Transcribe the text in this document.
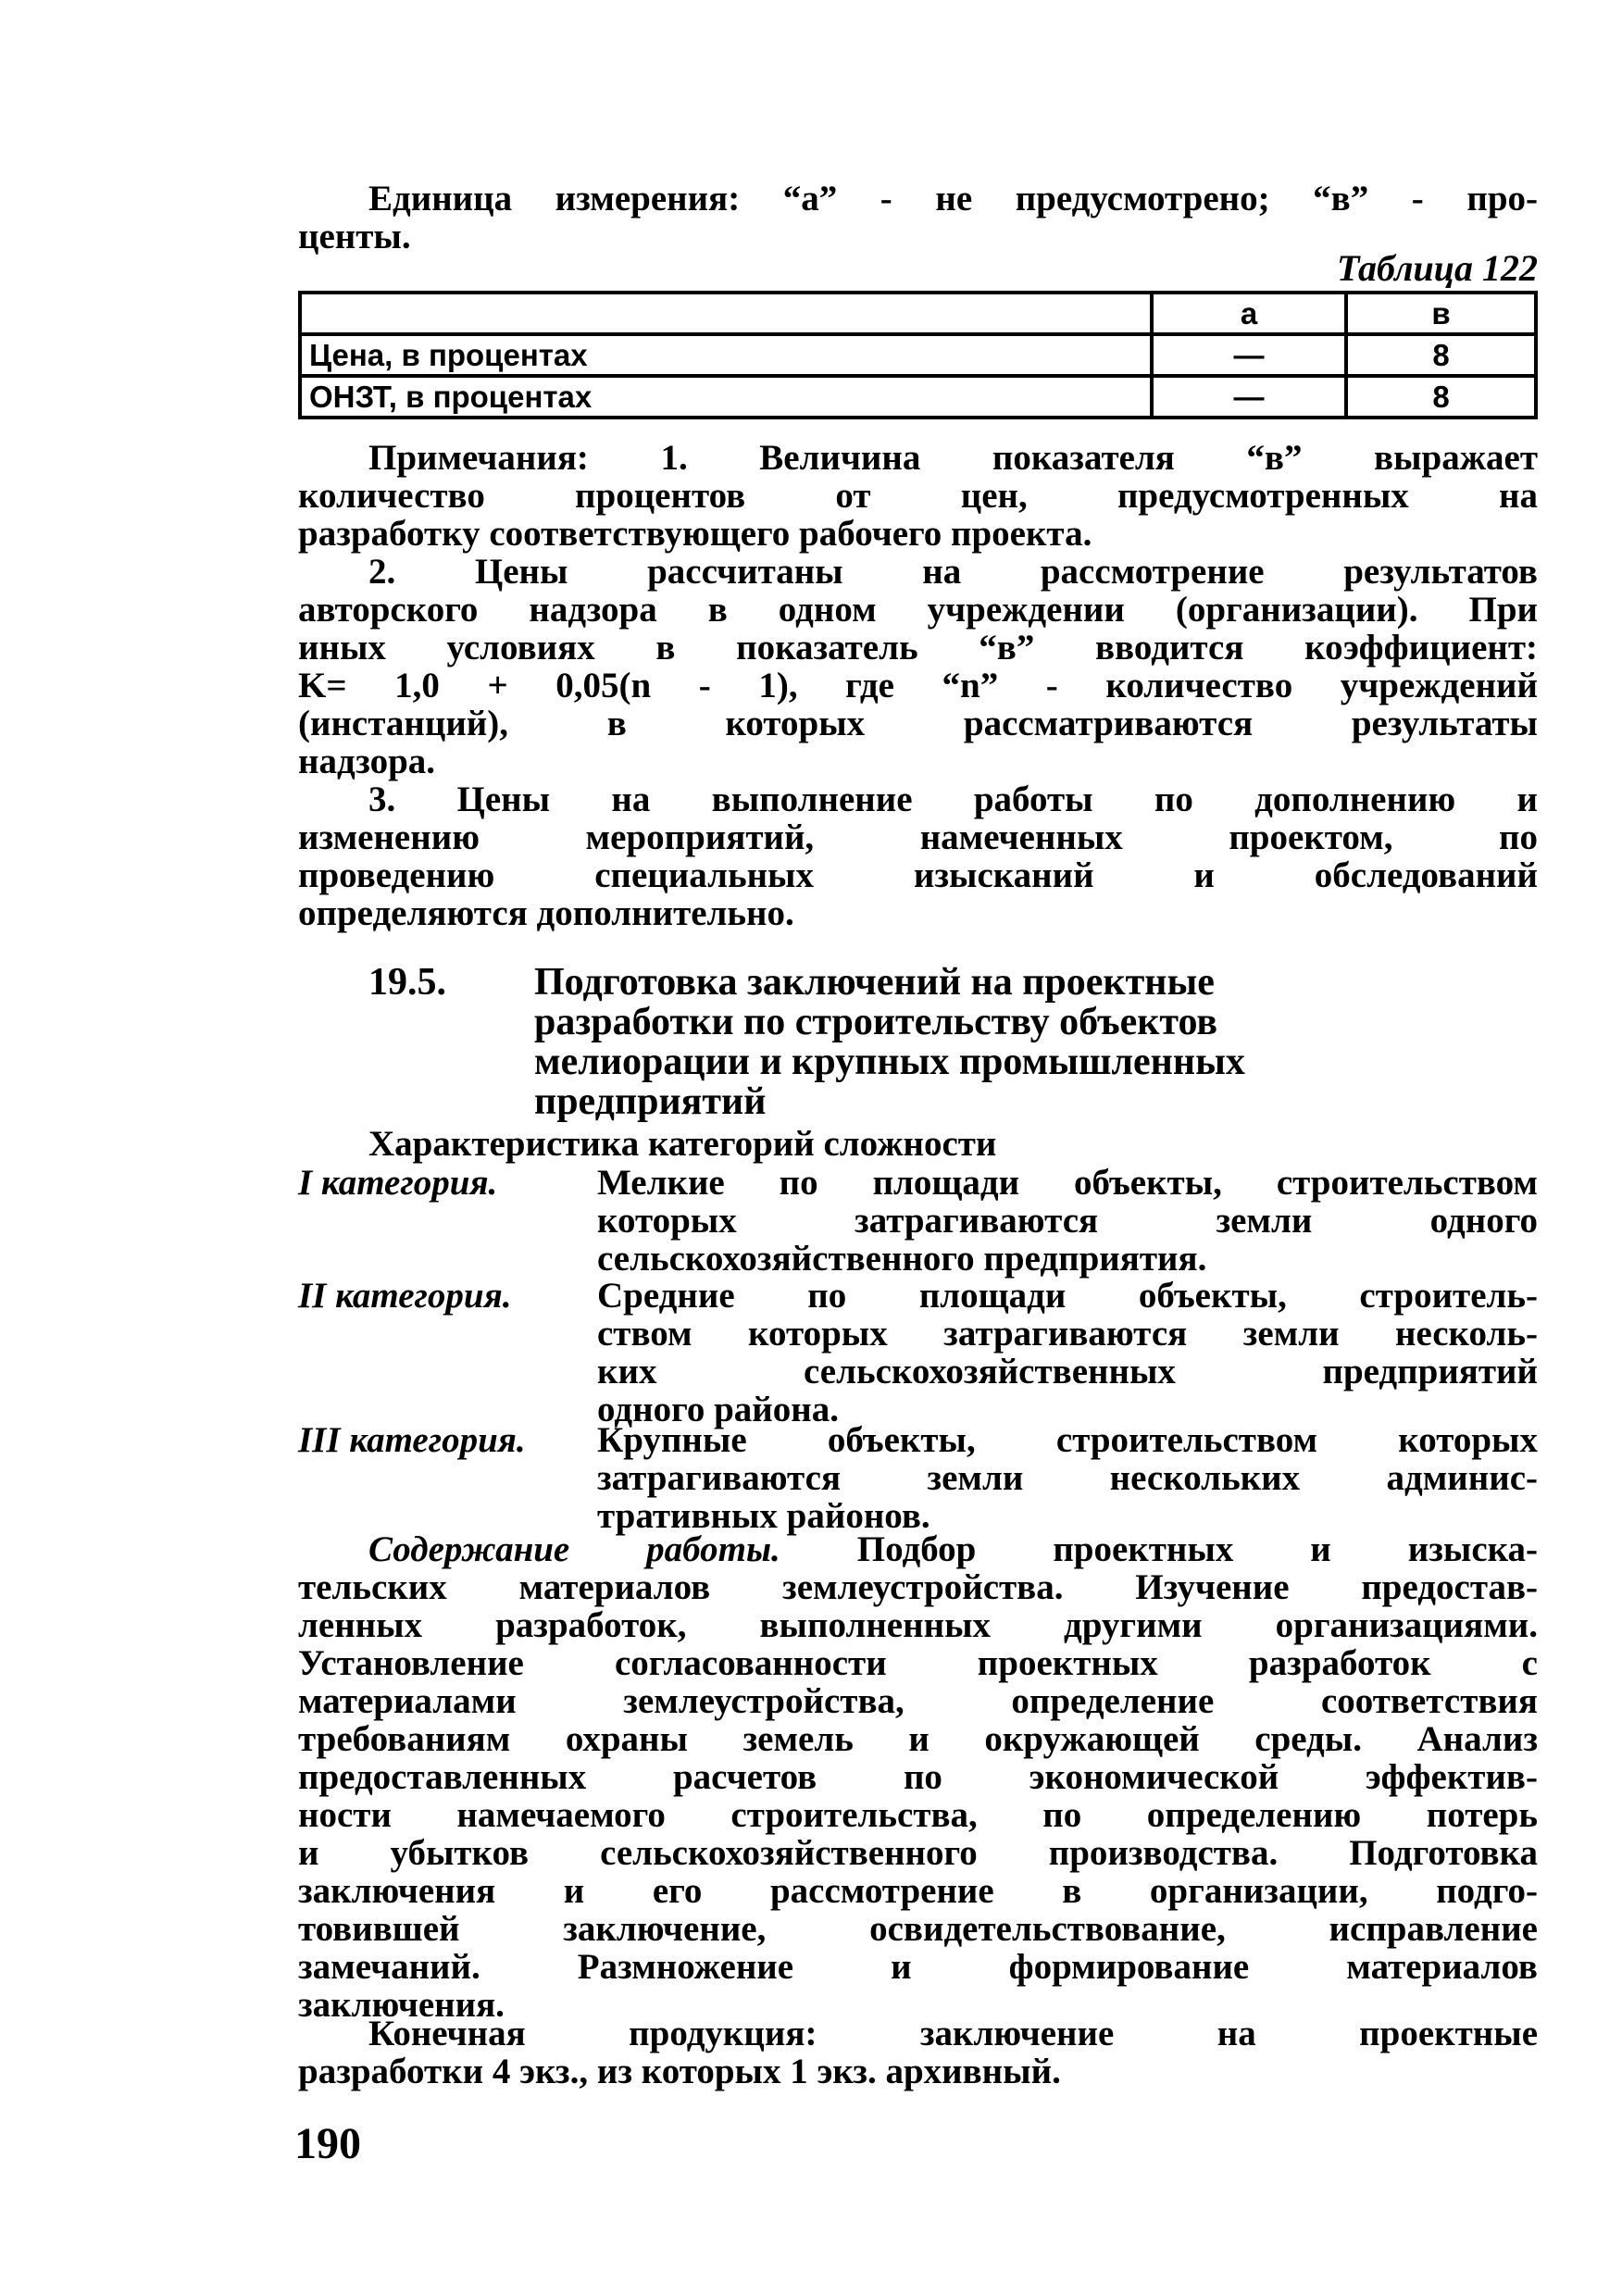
Единица измерения: “а” - не предусмотрено; “в” - про-
центы.
Таблица 122
	а	в
Цена, в процентах	—	8
ОНЗТ, в процентах	—	8
Примечания: 1. Величина показателя “в” выражает
количество процентов от цен, предусмотренных на
разработку соответствующего рабочего проекта.
2. Цены рассчитаны на рассмотрение результатов
авторского надзора в одном учреждении (организации). При
иных условиях в показатель “в” вводится коэффициент:
K= 1,0 + 0,05(n - 1), где “n” - количество учреждений
(инстанций), в которых рассматриваются результаты
надзора.
3. Цены на выполнение работы по дополнению и
изменению мероприятий, намеченных проектом, по
проведению специальных изысканий и обследований
определяются дополнительно.
19.5. Подготовка заключений на проектные
разработки по строительству объектов
мелиорации и крупных промышленных
предприятий
Характеристика категорий сложности
I категория.	Мелкие по площади объекты, строительством
которых затрагиваются земли одного
сельскохозяйственного предприятия.
II категория. Средние по площади объекты, строитель-
ством которых затрагиваются земли несколь-
ких сельскохозяйственных предприятий
одного района.
III категория. Крупные объекты, строительством которых
затрагиваются земли нескольких админис-
тративных районов.
Содержание работы. Подбор проектных и изыска-
тельских материалов землеустройства. Изучение предостав-
ленных разработок, выполненных другими организациями.
Установление согласованности проектных разработок с
материалами землеустройства, определение соответствия
требованиям охраны земель и окружающей среды. Анализ
предоставленных расчетов по экономической эффектив-
ности намечаемого строительства, по определению потерь
и убытков сельскохозяйственного производства. Подготовка
заключения и его рассмотрение в организации, подго-
товившей заключение, освидетельствование, исправление
замечаний. Размножение и формирование материалов
заключения.
Конечная продукция: заключение на проектные
разработки 4 экз., из которых 1 экз. архивный.
190
